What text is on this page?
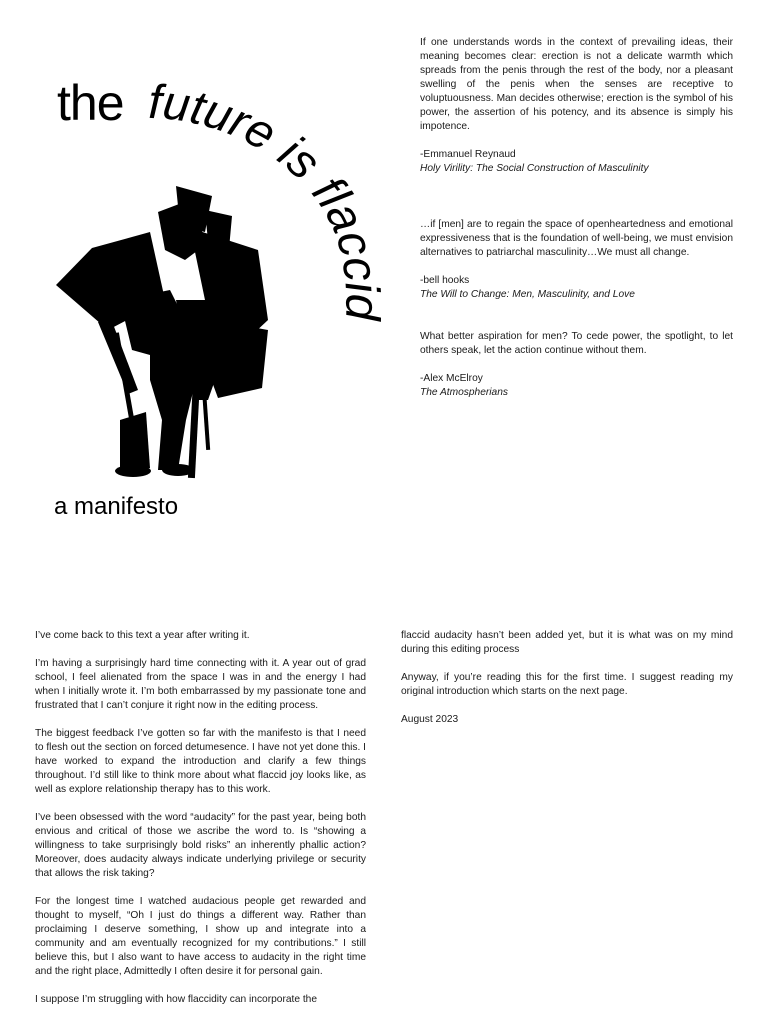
the future is flaccid
a manifesto

If one understands words in the context of prevailing ideas, their meaning becomes clear: erection is not a delicate warmth which spreads from the penis through the rest of the body, nor a pleasant swelling of the penis when the senses are receptive to voluptuousness. Man decides otherwise; erection is the symbol of his power, the assertion of his potency, and its absence is simply his impotence.

-Emmanuel Reynaud

Holy Virility: The Social Construction of Masculinity

…if [men] are to regain the space of openheartedness and emotional expressiveness that is the foundation of well-being, we must envision alternatives to patriarchal masculinity…We must all change.

-bell hooks

The Will to Change: Men, Masculinity, and Love

What better aspiration for men? To cede power, the spotlight, to let others speak, let the action continue without them.

-Alex McElroy

The Atmospherians

I’ve come back to this text a year after writing it.

I’m having a surprisingly hard time connecting with it. A year out of grad school, I feel alienated from the space I was in and the energy I had when I initially wrote it. I’m both embarrassed by my passionate tone and frustrated that I can’t conjure it right now in the editing process.

The biggest feedback I’ve gotten so far with the manifesto is that I need to flesh out the section on forced detumesence. I have not yet done this. I have worked to expand the introduction and clarify a few things throughout. I’d still like to think more about what flaccid joy looks like, as well as explore relationship therapy has to this work.

I’ve been obsessed with the word “audacity” for the past year, being both envious and critical of those we ascribe the word to. Is “showing a willingness to take surprisingly bold risks” an inherently phallic action? Moreover, does audacity always indicate underlying privilege or security that allows the risk taking?

For the longest time I watched audacious people get rewarded and thought to myself, “Oh I just do things a different way. Rather than proclaiming I deserve something, I show up and integrate into a community and am eventually recognized for my contributions.” I still believe this, but I also want to have access to audacity in the right time and the right place, Admittedly I often desire it for personal gain.

I suppose I’m struggling with how flaccidity can incorporate the

flaccid audacity hasn’t been added yet, but it is what was on my mind during this editing process

Anyway, if you’re reading this for the first time. I suggest reading my original introduction which starts on the next page.

August 2023
